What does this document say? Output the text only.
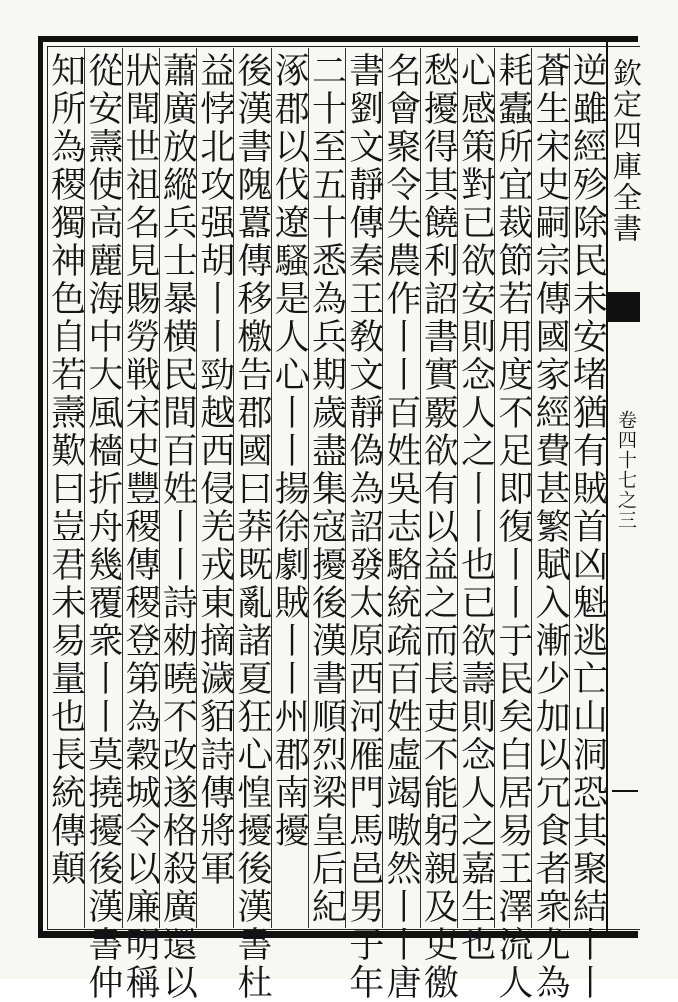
欽定四庫全書
卷四十七之三
逆雖經殄除民未安堵猶有賊首凶魁逃亡山洞恐其聚結丨丨
蒼生宋史嗣宗傳國家經費甚繁賦入漸少加以冗食者衆尤為
耗蠹所宜裁節若用度不足即復丨丨于民矣白居易王澤流人
心感策對已欲安則念人之丨丨也已欲壽則念人之嘉生也
愁擾得其饒利詔書實覈欲有以益之而長吏不能躬親及吏徼
名會聚令失農作丨丨百姓吳志駱統疏百姓虛竭嗷然丨丨唐
書劉文靜傳秦王敎文靜偽為詔發太原西河雁門馬邑男子年
二十至五十悉為兵期歲盡集寇擾後漢書順烈梁皇后紀
涿郡以伐遼騷是人心丨丨揚徐劇賊丨丨州郡南擾
後漢書隗囂傳移檄告郡國曰莽既亂諸夏狂心惶擾後漢書杜
益悖北攻强胡丨丨勁越西侵羌戎東摘濊貊詩傳將軍
蕭廣放縱兵士暴横民間百姓丨丨詩勑曉不改遂格殺廣還以
狀聞世祖名見賜勞戦宋史豐稷傳稷登第為穀城令以廉明稱
從安燾使高麗海中大風檣折舟幾覆衆丨丨莫撓擾後漢書仲
知所為稷獨神色自若燾歎曰豈君未易量也長統傳顛
